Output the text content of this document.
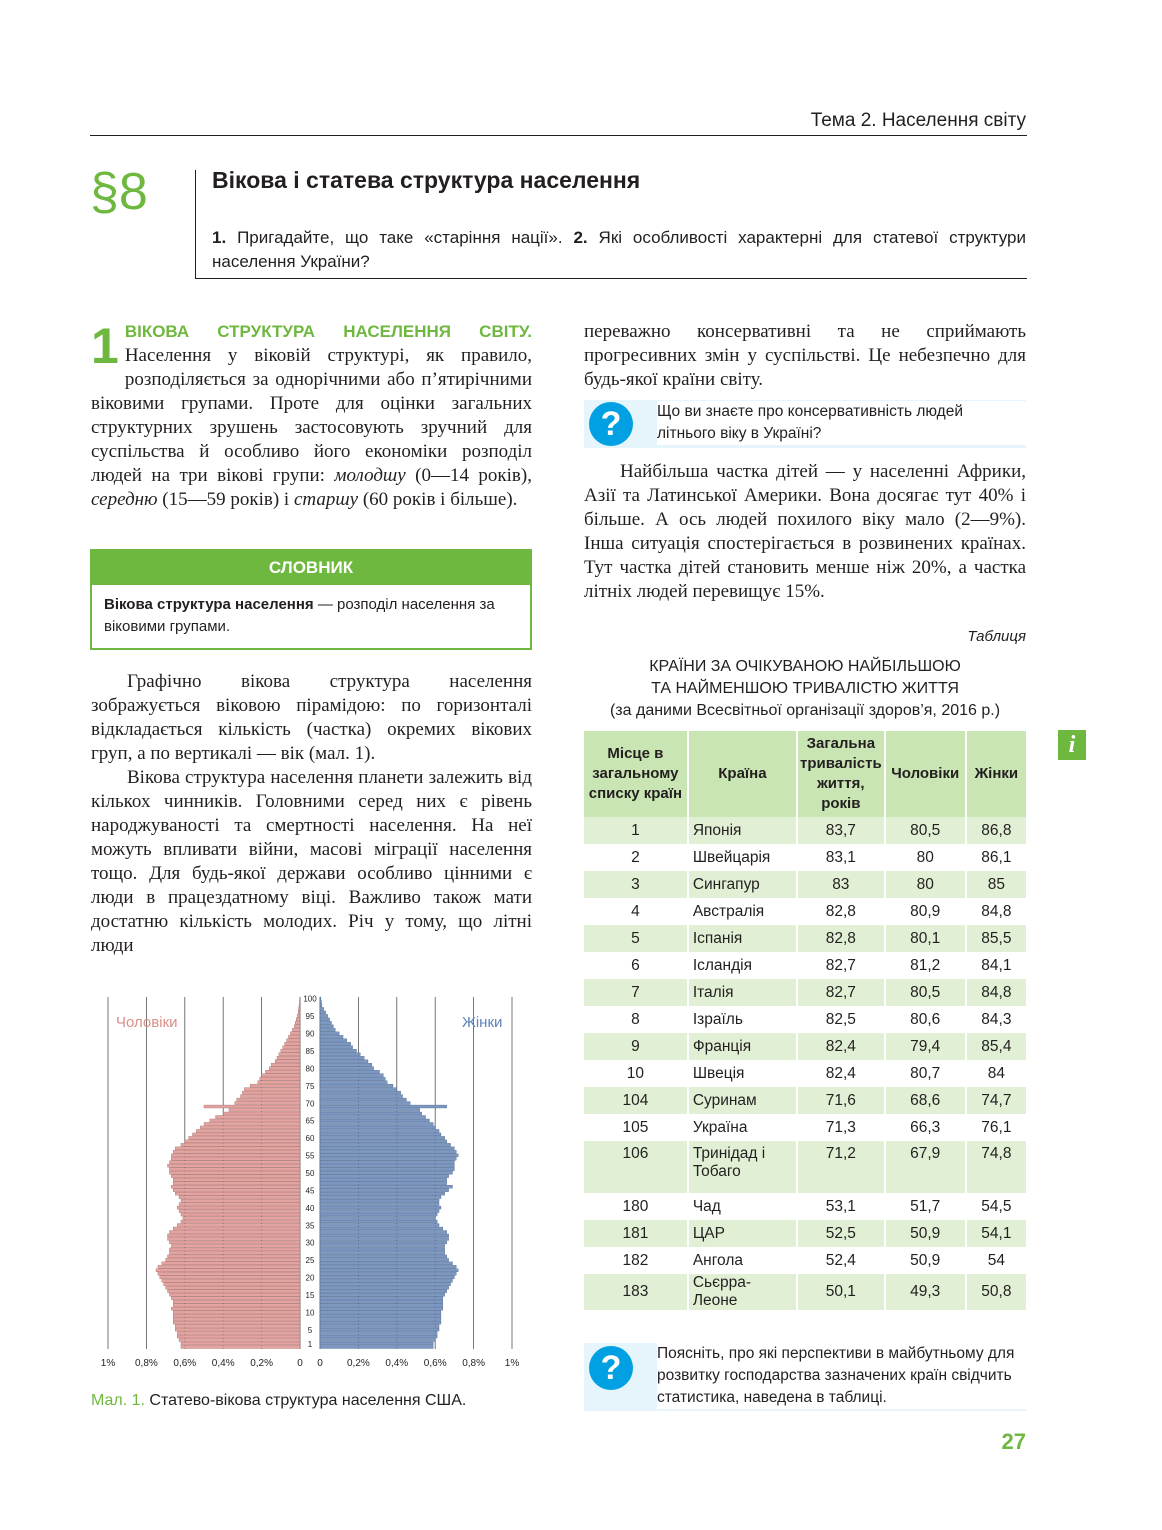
Тема 2. Населення світу
§8	Вікова і статева структура населення
1. Пригадайте, що таке «старіння нації». 2. Які особливості характерні для статевої структури населення України?
1 ВІКОВА СТРУКТУРА НАСЕЛЕННЯ СВІТУ. Населення у віковій структурі, як правило, розподіляється за однорічними або п’ятирічними віковими групами. Проте для оцінки загальних структурних зрушень застосовують зручний для суспільства й особливо його економіки розподіл людей на три вікові групи: молодшу (0—14 років), середню (15—59 років) і старшу (60 років і більше).
СЛОВНИК
Вікова структура населення — розподіл населення за віковими групами.

Графічно вікова структура населення зображується віковою пірамідою: по горизонталі відкладається кількість (частка) окремих вікових груп, а по вертикалі — вік (мал. 1).

Вікова структура населення планети залежить від кількох чинників. Головними серед них є рівень народжуваності та смертності населення. На неї можуть впливати війни, масові міграції населення тощо. Для будь-якої держави особливо цінними є люди в працездатному віці. Важливо також мати достатню кількість молодих. Річ у тому, що літні люди

1
5
10
15
20
25
30
35
40
45
50
55
60
65
70
75
80
85
90
95
100
1% 0,8% 0,6% 0,4% 0,2% 0 0 0,2% 0,4% 0,6% 0,8% 1%
Чоловіки	Жінки
Мал. 1. Статево-вікова структура населення США.
переважно консервативні та не сприймають прогресивних змін у суспільстві. Це небезпечно для будь-якої країни світу.
?	Що ви знаєте про консервативність людей літнього віку в Україні?

Найбільша частка дітей — у населенні Африки, Азії та Латинської Америки. Вона досягає тут 40% і більше. А ось людей похилого віку мало (2—9%). Інша ситуація спостерігається в розвинених країнах. Тут частка дітей становить менше ніж 20%, а частка літніх людей перевищує 15%.

Таблиця
КРАЇНИ ЗА ОЧІКУВАНОЮ НАЙБІЛЬШОЮ
ТА НАЙМЕНШОЮ ТРИВАЛІСТЮ ЖИТТЯ
(за даними Всесвітньої організації здоров’я, 2016 р.)
Місце в загальному списку країн	Країна	Загальна тривалість життя, років	Чоловіки	Жінки
1	Японія	83,7	80,5	86,8
2	Швейцарія	83,1	80	86,1
3	Сингапур	83	80	85
4	Австралія	82,8	80,9	84,8
5	Іспанія	82,8	80,1	85,5
6	Ісландія	82,7	81,2	84,1
7	Італія	82,7	80,5	84,8
8	Ізраїль	82,5	80,6	84,3
9	Франція	82,4	79,4	85,4
10	Швеція	82,4	80,7	84
104	Суринам	71,6	68,6	74,7
105	Україна	71,3	66,3	76,1
106	Тринідад і Тобаго	71,2	67,9	74,8
180	Чад	53,1	51,7	54,5
181	ЦАР	52,5	50,9	54,1
182	Ангола	52,4	50,9	54
183	Сьєрра-Леоне	50,1	49,3	50,8
?	Поясніть, про які перспективи в майбутньому для розвитку господарства зазначених країн свідчить статистика, наведена в таблиці.
i
27
